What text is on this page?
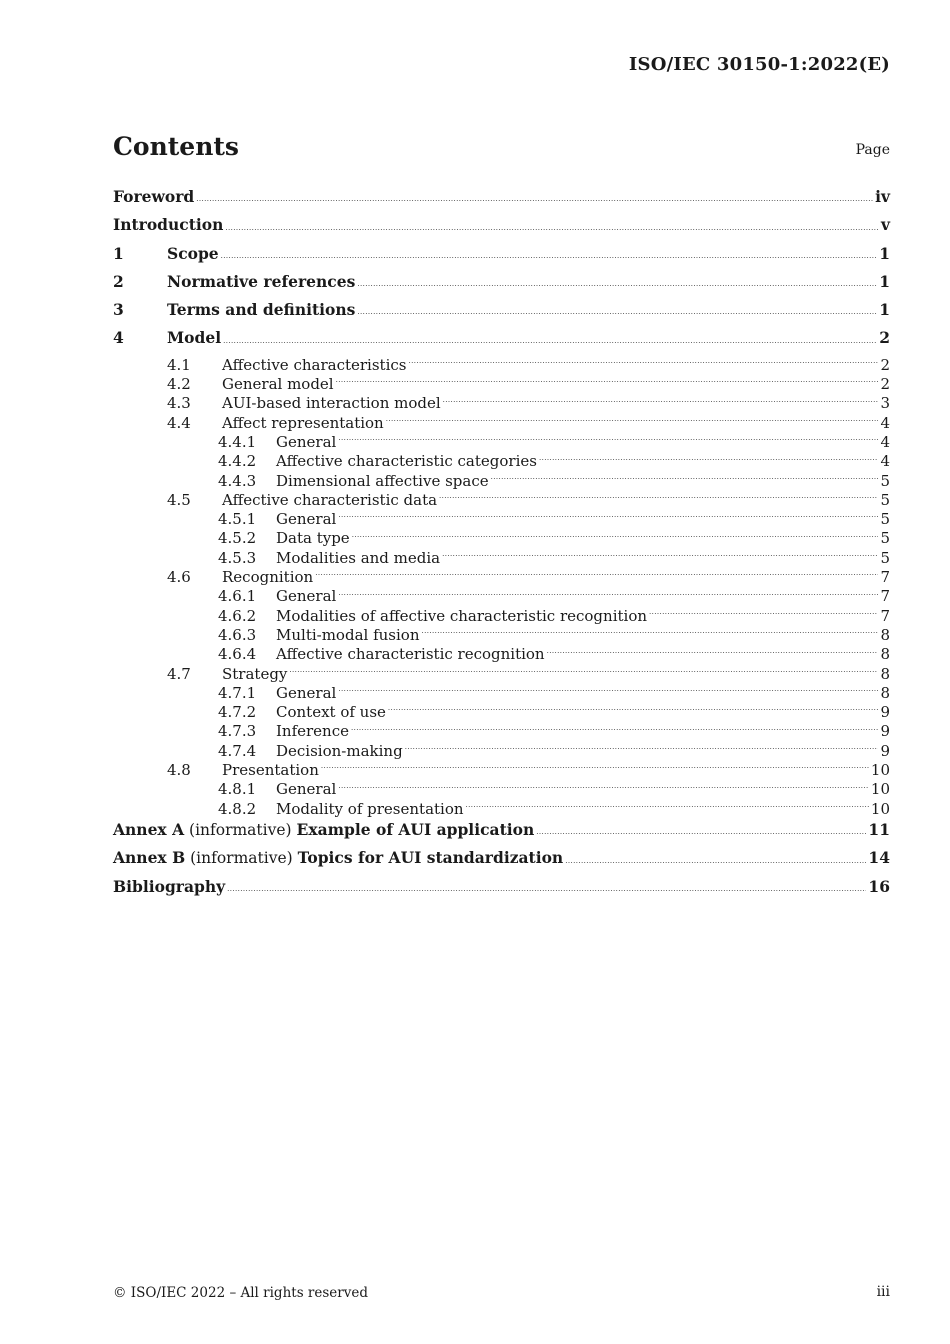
ISO/IEC 30150-1:2022(E)
Contents	Page
Foreword .....	iv
Introduction .....	v
1	Scope .....	1
2	Normative references .....	1
3	Terms and definitions .....	1
4	Model .....	2
4.1	Affective characteristics .....	2
4.2	General model .....	2
4.3	AUI-based interaction model .....	3
4.4	Affect representation .....	4
4.4.1	General .....	4
4.4.2	Affective characteristic categories .....	4
4.4.3	Dimensional affective space .....	5
4.5	Affective characteristic data .....	5
4.5.1	General .....	5
4.5.2	Data type .....	5
4.5.3	Modalities and media .....	5
4.6	Recognition .....	7
4.6.1	General .....	7
4.6.2	Modalities of affective characteristic recognition .....	7
4.6.3	Multi-modal fusion .....	8
4.6.4	Affective characteristic recognition .....	8
4.7	Strategy .....	8
4.7.1	General .....	8
4.7.2	Context of use .....	9
4.7.3	Inference .....	9
4.7.4	Decision-making .....	9
4.8	Presentation .....	10
4.8.1	General .....	10
4.8.2	Modality of presentation .....	10
Annex A (informative) Example of AUI application .....	11
Annex B (informative) Topics for AUI standardization .....	14
Bibliography .....	16
© ISO/IEC 2022 – All rights reserved	iii
